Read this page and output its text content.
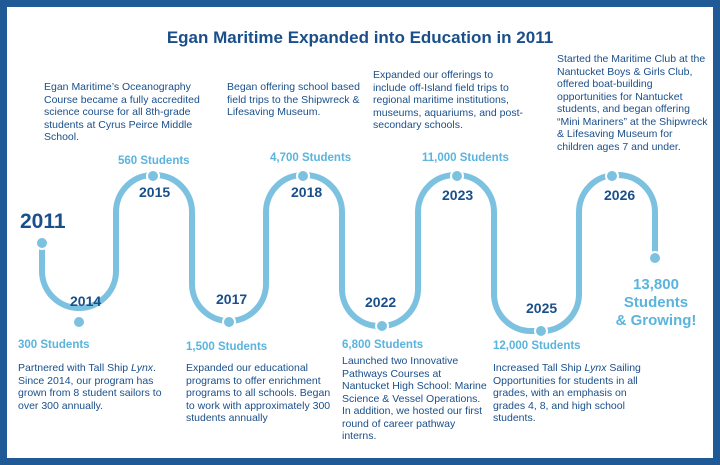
Egan Maritime Expanded into Education in 2011
2011
2014
2015
2017
2018
2022
2023
2025
2026
300 Students
560 Students
1,500 Students
4,700 Students
6,800 Students
11,000 Students
12,000 Students
Partnered with Tall Ship Lynx. Since 2014, our program has grown from 8 student sailors to over 300 annually.
Egan Maritime’s Oceanography Course became a fully accredited science course for all 8th-grade students at Cyrus Peirce Middle School.
Expanded our educational programs to offer enrichment programs to all schools. Began to work with approximately 300 students annually
Began offering school based field trips to the Shipwreck & Lifesaving Museum.
Launched two Innovative Pathways Courses at Nantucket High School: Marine Science & Vessel Operations. In addition, we hosted our first round of career pathway interns.
Expanded our offerings to include off-Island field trips to regional maritime institutions, museums, aquariums, and post-secondary schools.
Increased Tall Ship Lynx Sailing Opportunities for students in all grades, with an emphasis on grades 4, 8, and high school students.
Started the Maritime Club at the Nantucket Boys & Girls Club, offered boat-building opportunities for Nantucket students, and began offering “Mini Mariners” at the Shipwreck & Lifesaving Museum for children ages 7 and under.
13,800
Students
& Growing!
